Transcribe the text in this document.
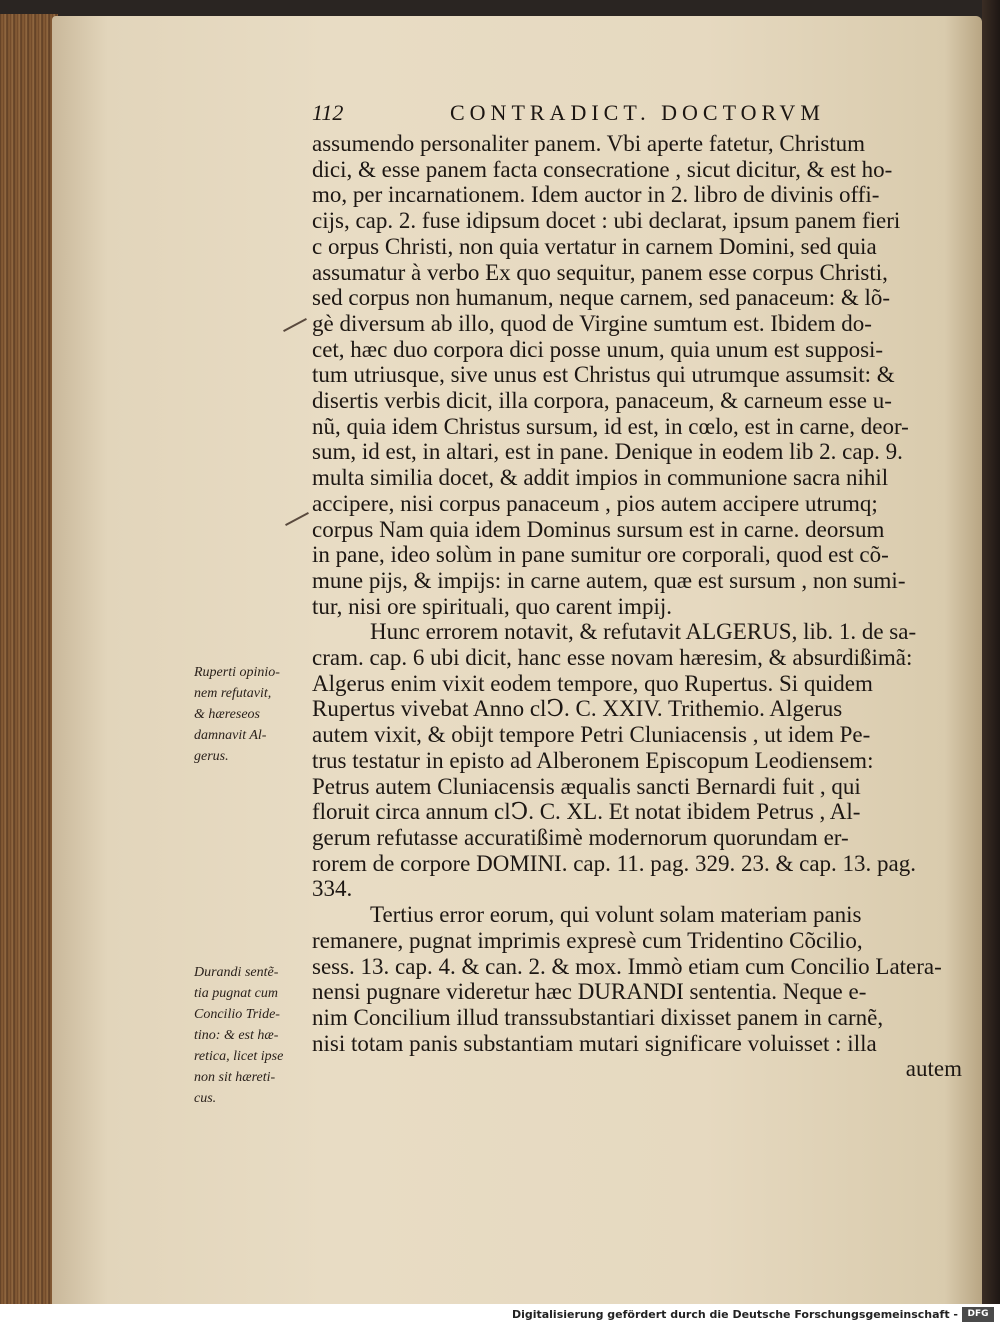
112	CONTRADICT. DOCTORVM
assumendo personaliter panem. Vbi aperte fatetur, Christum
dici, & esse panem facta consecratione , sicut dicitur, & est ho-
mo, per incarnationem. Idem auctor in 2. libro de divinis offi-
cijs, cap. 2. fuse idipsum docet : ubi declarat, ipsum panem fieri
c orpus Christi, non quia vertatur in carnem Domini, sed quia
assumatur à verbo Ex quo sequitur, panem esse corpus Christi,
sed corpus non humanum, neque carnem, sed panaceum: & lõ-
gè diversum ab illo, quod de Virgine sumtum est. Ibidem do-
cet, hæc duo corpora dici posse unum, quia unum est supposi-
tum utriusque, sive unus est Christus qui utrumque assumsit: &
disertis verbis dicit, illa corpora, panaceum, & carneum esse u-
nũ, quia idem Christus sursum, id est, in cœlo, est in carne, deor-
sum, id est, in altari, est in pane. Denique in eodem lib 2. cap. 9.
multa similia docet, & addit impios in communione sacra nihil
accipere, nisi corpus panaceum , pios autem accipere utrumq;
corpus Nam quia idem Dominus sursum est in carne. deorsum
in pane, ideo solùm in pane sumitur ore corporali, quod est cõ-
mune pijs, & impijs: in carne autem, quæ est sursum , non sumi-
tur, nisi ore spirituali, quo carent impij.
Hunc errorem notavit, & refutavit ALGERUS, lib. 1. de sa-
cram. cap. 6 ubi dicit, hanc esse novam hæresim, & absurdißimã:
Algerus enim vixit eodem tempore, quo Rupertus. Si quidem
Rupertus vivebat Anno clↃ. C. XXIV. Trithemio. Algerus
autem vixit, & obijt tempore Petri Cluniacensis , ut idem Pe-
trus testatur in episto ad Alberonem Episcopum Leodiensem:
Petrus autem Cluniacensis æqualis sancti Bernardi fuit , qui
floruit circa annum clↃ. C. XL. Et notat ibidem Petrus , Al-
gerum refutasse accuratißimè modernorum quorundam er-
rorem de corpore DOMINI. cap. 11. pag. 329. 23. & cap. 13. pag.
334.
Tertius error eorum, qui volunt solam materiam panis
remanere, pugnat imprimis expresè cum Tridentino Cõcilio,
sess. 13. cap. 4. & can. 2. & mox. Immò etiam cum Concilio Latera-
nensi pugnare videretur hæc DURANDI sententia. Neque e-
nim Concilium illud transsubstantiari dixisset panem in carnẽ,
nisi totam panis substantiam mutari significare voluisset : illa
autem
Ruperti opinio-
nem refutavit,
& hæreseos
damnavit Al-
gerus.
Durandi sentẽ-
tia pugnat cum
Concilio Tride-
tino: & est hæ-
retica, licet ipse
non sit hæreti-
cus.
Digitalisierung gefördert durch die Deutsche Forschungsgemeinschaft -	DFG
